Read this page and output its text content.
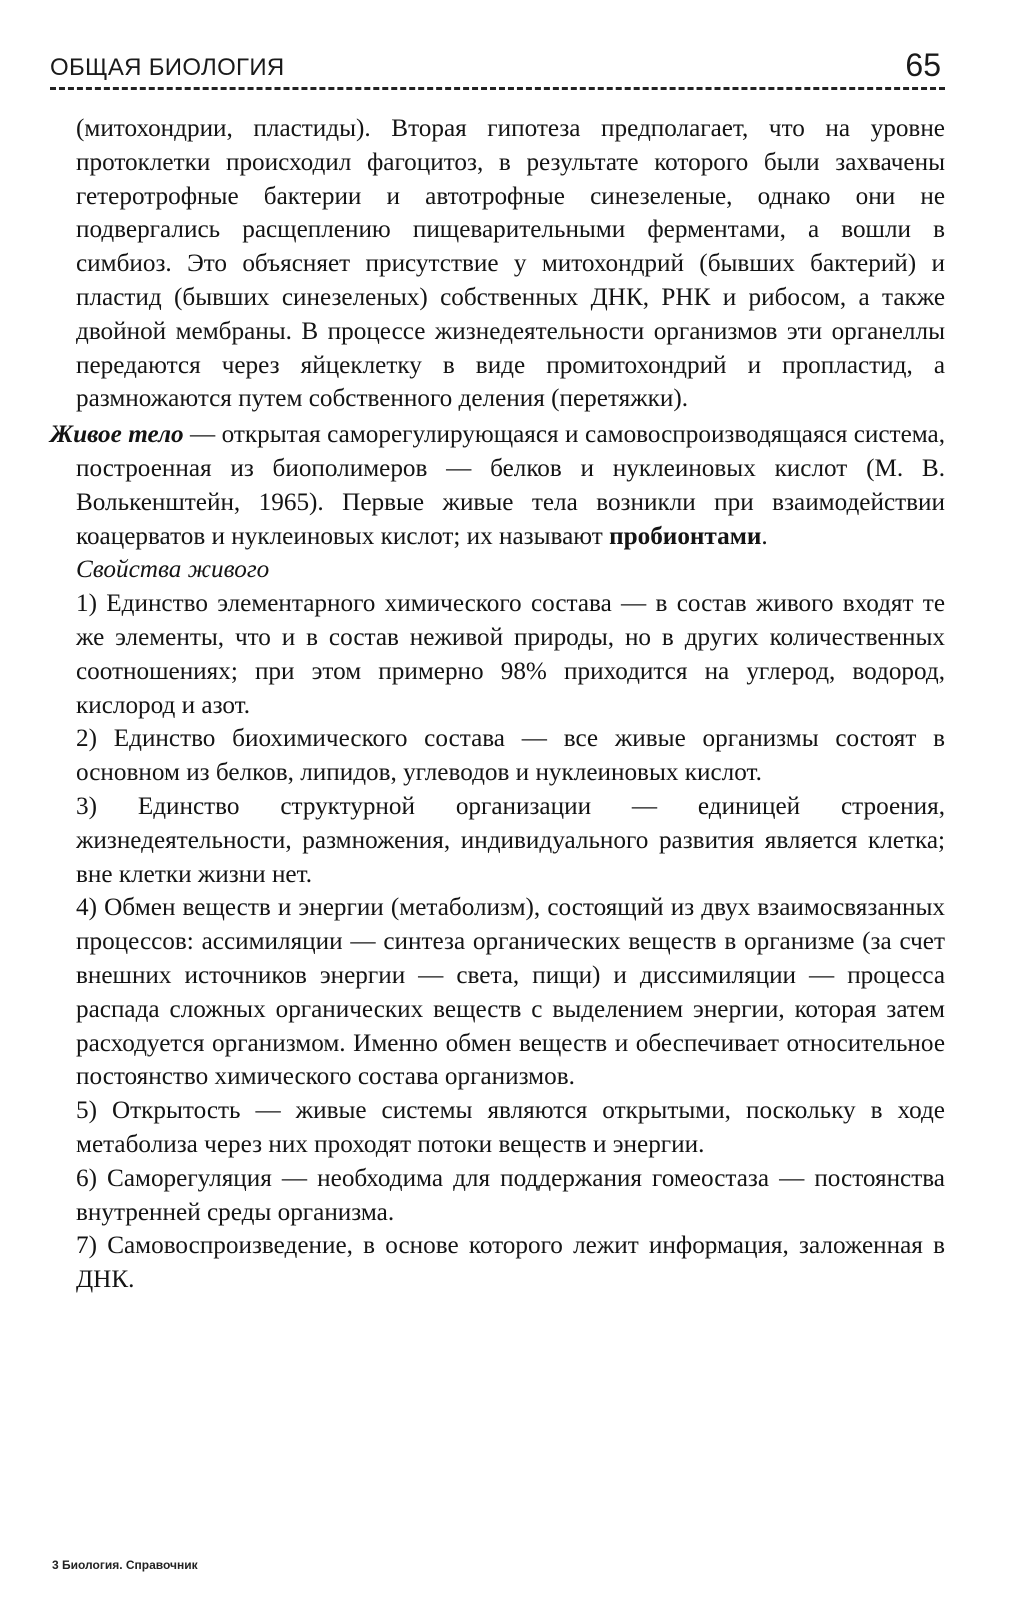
ОБЩАЯ БИОЛОГИЯ	65

(митохондрии, пластиды). Вторая гипотеза предполагает, что на уровне протоклетки происходил фагоцитоз, в результате которого были захвачены гетеротрофные бактерии и автотрофные синезеленые, однако они не подвергались расщеплению пищеварительными ферментами, а вошли в симбиоз. Это объясняет присутствие у митохондрий (бывших бактерий) и пластид (бывших синезеленых) собственных ДНК, РНК и рибосом, а также двойной мембраны. В процессе жизнедеятельности организмов эти органеллы передаются через яйцеклетку в виде промитохондрий и пропластид, а размножаются путем собственного деления (перетяжки).

Живое тело — открытая саморегулирующаяся и самовоспроизводящаяся система, построенная из биополимеров — белков и нуклеиновых кислот (М. В. Волькенштейн, 1965). Первые живые тела возникли при взаимодействии коацерватов и нуклеиновых кислот; их называют пробионтами.

Свойства живого

1) Единство элементарного химического состава — в состав живого входят те же элементы, что и в состав неживой природы, но в других количественных соотношениях; при этом примерно 98% приходится на углерод, водород, кислород и азот.

2) Единство биохимического состава — все живые организмы состоят в основном из белков, липидов, углеводов и нуклеиновых кислот.

3) Единство структурной организации — единицей строения, жизнедеятельности, размножения, индивидуального развития является клетка; вне клетки жизни нет.

4) Обмен веществ и энергии (метаболизм), состоящий из двух взаимосвязанных процессов: ассимиляции — синтеза органических веществ в организме (за счет внешних источников энергии — света, пищи) и диссимиляции — процесса распада сложных органических веществ с выделением энергии, которая затем расходуется организмом. Именно обмен веществ и обеспечивает относительное постоянство химического состава организмов.

5) Открытость — живые системы являются открытыми, поскольку в ходе метаболиза через них проходят потоки веществ и энергии.

6) Саморегуляция — необходима для поддержания гомеостаза — постоянства внутренней среды организма.

7) Самовоспроизведение, в основе которого лежит информация, заложенная в ДНК.

3 Биология. Справочник
